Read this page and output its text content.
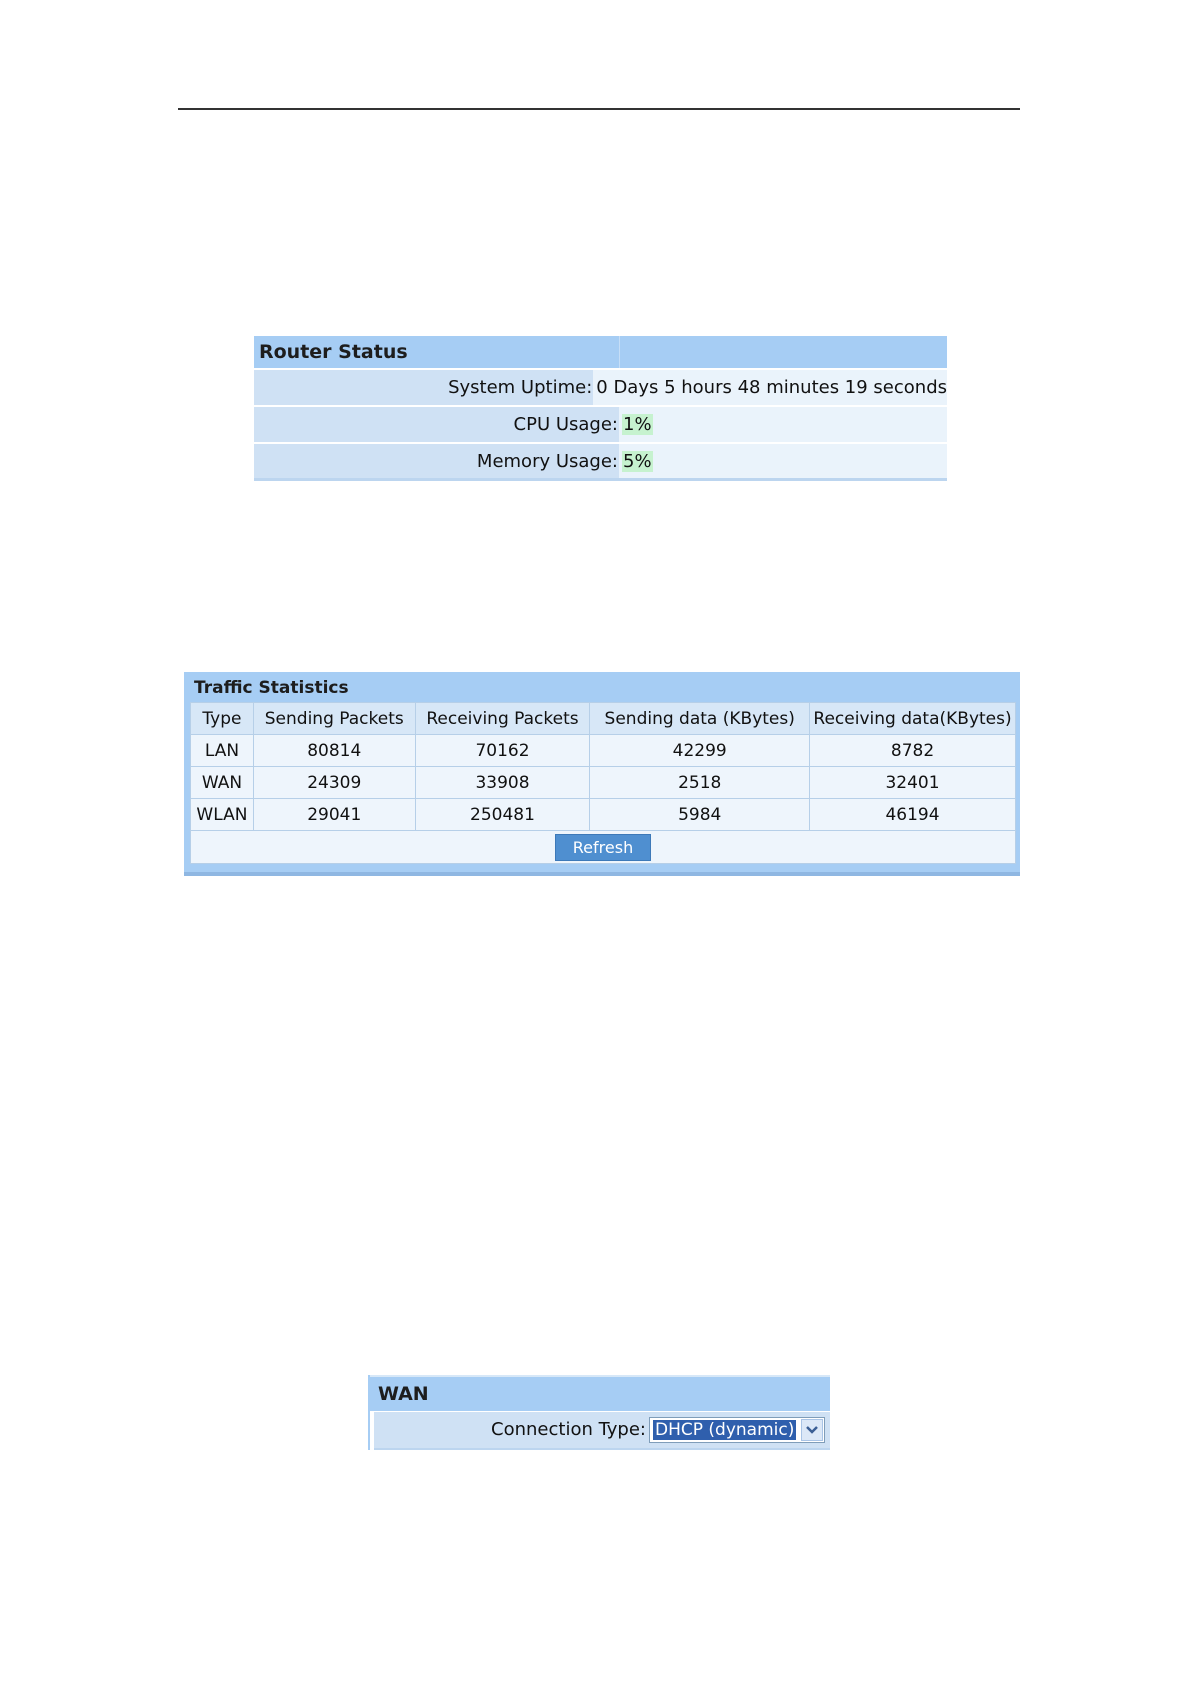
Router Status
System Uptime: 0 Days 5 hours 48 minutes 19 seconds
CPU Usage: 1%
Memory Usage: 5%
Traffic Statistics
Type	Sending Packets	Receiving Packets	Sending data (KBytes)	Receiving data(KBytes)
LAN	80814	70162	42299	8782
WAN	24309	33908	2518	32401
WLAN	29041	250481	5984	46194
Refresh				
WAN
Connection Type: DHCP (dynamic)
